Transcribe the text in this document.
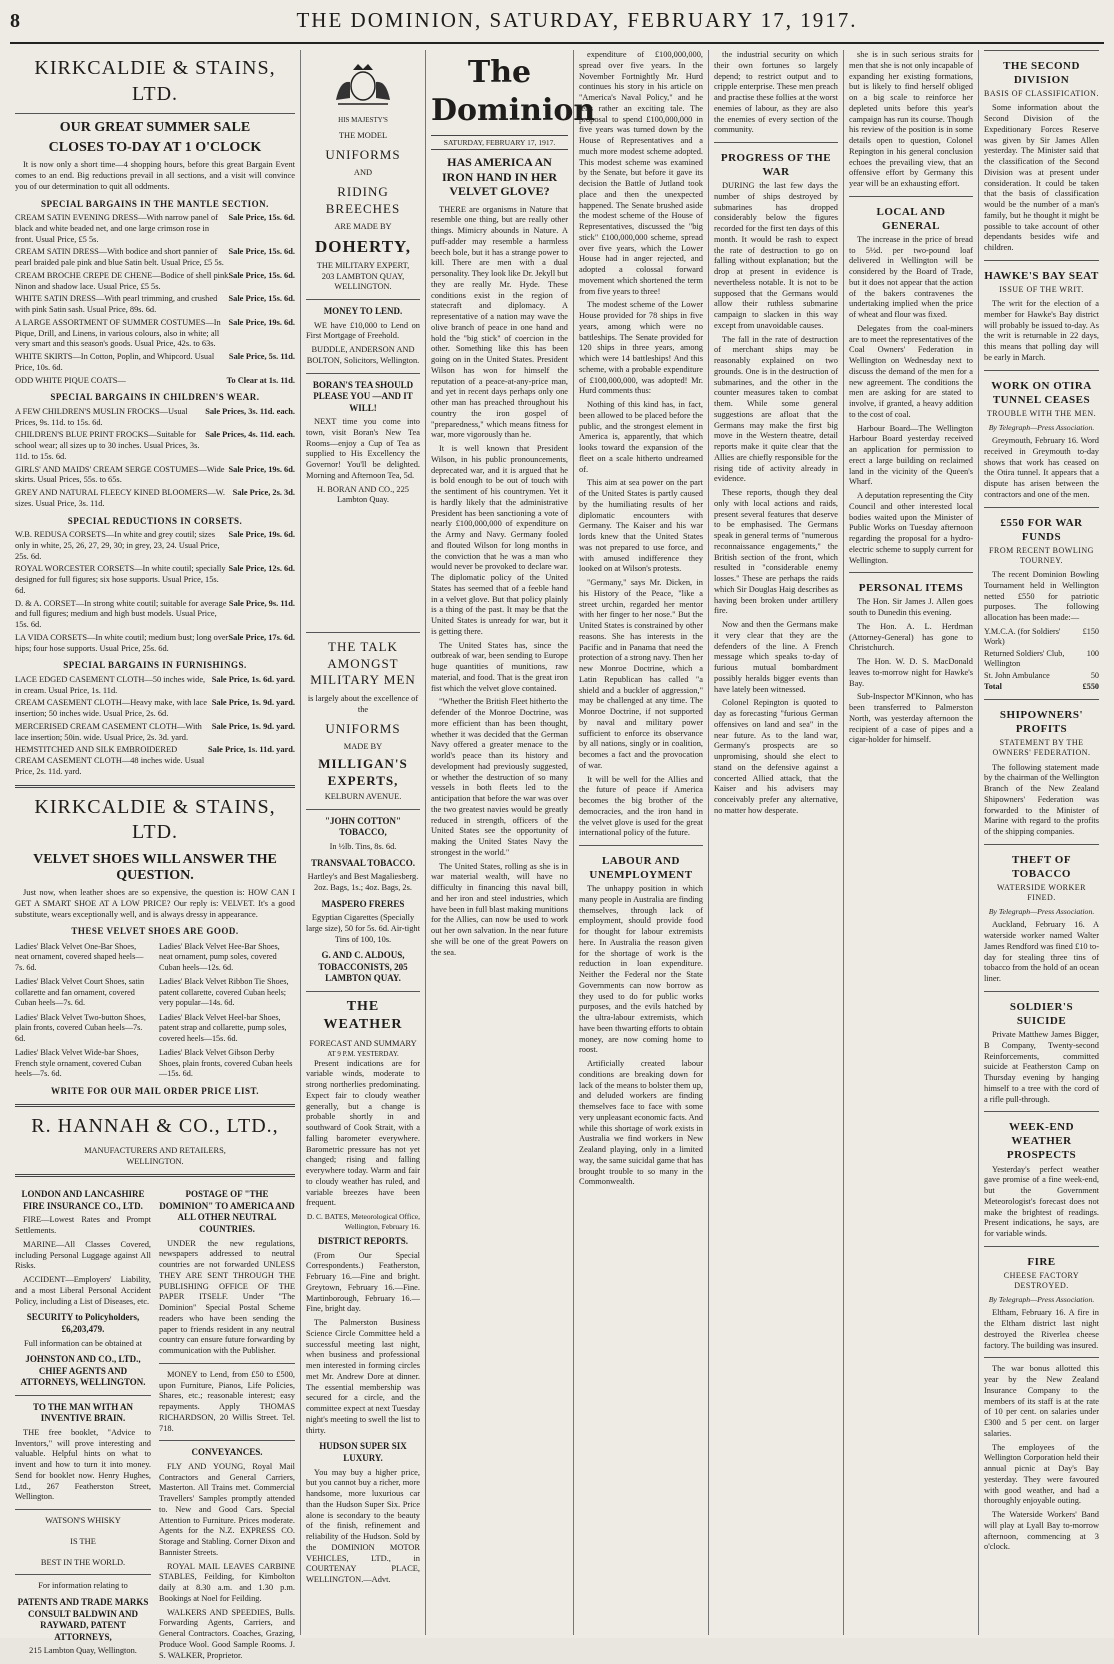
8	THE DOMINION, SATURDAY, FEBRUARY 17, 1917.
KIRKCALDIE & STAINS, LTD.
OUR GREAT SUMMER SALE
CLOSES TO-DAY AT 1 O'CLOCK

It is now only a short time—4 shopping hours, before this great Bargain Event comes to an end. Big reductions prevail in all sections, and a visit will convince you of our determination to quit all oddments.

SPECIAL BARGAINS IN THE MANTLE SECTION.
CREAM SATIN EVENING DRESS—With narrow panel of black and white beaded net, and one large crimson rose in front. Usual Price, £5 5s.
Sale Price, 15s. 6d.
CREAM SATIN DRESS—With bodice and short pannier of pearl braided pale pink and blue Satin belt. Usual Price, £5 5s.
Sale Price, 15s. 6d.
CREAM BROCHE CREPE DE CHENE—Bodice of shell pink Ninon and shadow lace. Usual Price, £5 5s.
Sale Price, 15s. 6d.
WHITE SATIN DRESS—With pearl trimming, and crushed with pink Satin sash. Usual Price, 89s. 6d.
Sale Price, 15s. 6d.
A LARGE ASSORTMENT OF SUMMER COSTUMES—In Pique, Drill, and Linens, in various colours, also in white; all very smart and this season's goods. Usual Price, 42s. to 63s.
Sale Price, 19s. 6d.
WHITE SKIRTS—In Cotton, Poplin, and Whipcord. Usual Price, 10s. 6d.
Sale Price, 5s. 11d.
ODD WHITE PIQUE COATS—	To Clear at 1s. 11d.
SPECIAL BARGAINS IN CHILDREN'S WEAR.
A FEW CHILDREN'S MUSLIN FROCKS—Usual Prices, 9s. 11d. to 15s. 6d.
Sale Prices, 3s. 11d. each.
CHILDREN'S BLUE PRINT FROCKS—Suitable for school wear; all sizes up to 30 inches. Usual Prices, 3s. 11d. to 15s. 6d.
Sale Prices, 4s. 11d. each.
GIRLS' AND MAIDS' CREAM SERGE COSTUMES—Wide skirts. Usual Prices, 55s. to 65s.
Sale Price, 19s. 6d.
GREY AND NATURAL FLEECY KINED BLOOMERS—W. sizes. Usual Price, 3s. 11d.
Sale Price, 2s. 3d.
SPECIAL REDUCTIONS IN CORSETS.
W.B. REDUSA CORSETS—In white and grey coutil; sizes only in white, 25, 26, 27, 29, 30; in grey, 23, 24. Usual Price, 25s. 6d.
Sale Price, 19s. 6d.
ROYAL WORCESTER CORSETS—In white coutil; specially designed for full figures; six hose supports. Usual Price, 15s. 6d.
Sale Price, 12s. 6d.
D. & A. CORSET—In strong white coutil; suitable for average and full figures; medium and high bust models. Usual Price, 15s. 6d.
Sale Price, 9s. 11d.
LA VIDA CORSETS—In white coutil; medium bust; long over hips; four hose supports. Usual Price, 25s. 6d.
Sale Price, 17s. 6d.
SPECIAL BARGAINS IN FURNISHINGS.
LACE EDGED CASEMENT CLOTH—50 inches wide, in cream. Usual Price, 1s. 11d.
Sale Price, 1s. 6d. yard.
CREAM CASEMENT CLOTH—Heavy make, with lace insertion; 50 inches wide. Usual Price, 2s. 6d.
Sale Price, 1s. 9d. yard.
MERCERISED CREAM CASEMENT CLOTH—With lace insertion; 50in. wide. Usual Price, 2s. 3d. yard.
Sale Price, 1s. 9d. yard.
HEMSTITCHED AND SILK EMBROIDERED CREAM CASEMENT CLOTH—48 inches wide. Usual Price, 2s. 11d. yard.
Sale Price, 1s. 11d. yard.
KIRKCALDIE & STAINS, LTD.
VELVET SHOES WILL ANSWER THE QUESTION.

Just now, when leather shoes are so expensive, the question is: HOW CAN I GET A SMART SHOE AT A LOW PRICE? Our reply is: VELVET. It's a good substitute, wears exceptionally well, and is always dressy in appearance.

THESE VELVET SHOES ARE GOOD.
Ladies' Black Velvet One-Bar Shoes, neat ornament, covered shaped heels—7s. 6d.
Ladies' Black Velvet Hee-Bar Shoes, neat ornament, pump soles, covered Cuban heels—12s. 6d.
Ladies' Black Velvet Court Shoes, satin collarette and fan ornament, covered Cuban heels—7s. 6d.
Ladies' Black Velvet Ribbon Tie Shoes, patent collarette, covered Cuban heels; very popular—14s. 6d.
Ladies' Black Velvet Two-button Shoes, plain fronts, covered Cuban heels—7s. 6d.
Ladies' Black Velvet Heel-bar Shoes, patent strap and collarette, pump soles, covered heels—15s. 6d.
Ladies' Black Velvet Wide-bar Shoes, French style ornament, covered Cuban heels—7s. 6d.
Ladies' Black Velvet Gibson Derby Shoes, plain fronts, covered Cuban heels—15s. 6d.
WRITE FOR OUR MAIL ORDER PRICE LIST.
R. HANNAH & CO., LTD.,
MANUFACTURERS AND RETAILERS,
WELLINGTON.
LONDON AND LANCASHIRE FIRE INSURANCE CO., LTD.

FIRE—Lowest Rates and Prompt Settlements.

MARINE—All Classes Covered, including Personal Luggage against All Risks.

ACCIDENT—Employers' Liability, and a most Liberal Personal Accident Policy, including a List of Diseases, etc.

SECURITY to Policyholders, £6,203,479.
Full information can be obtained at
JOHNSTON AND CO., LTD., CHIEF AGENTS AND ATTORNEYS, WELLINGTON.
TO THE MAN WITH AN INVENTIVE BRAIN.

THE free booklet, "Advice to Inventors," will prove interesting and valuable. Helpful hints on what to invent and how to turn it into money. Send for booklet now. Henry Hughes, Ltd., 267 Featherston Street, Wellington.

WATSON'S WHISKY
IS THE
BEST IN THE WORLD.
For information relating to
PATENTS AND TRADE MARKS CONSULT BALDWIN AND RAYWARD, PATENT ATTORNEYS,
215 Lambton Quay, Wellington.
POSTAGE OF "THE DOMINION" TO AMERICA AND ALL OTHER NEUTRAL COUNTRIES.

UNDER the new regulations, newspapers addressed to neutral countries are not forwarded UNLESS THEY ARE SENT THROUGH THE PUBLISHING OFFICE OF THE PAPER ITSELF. Under "The Dominion" Special Postal Scheme readers who have been sending the paper to friends resident in any neutral country can ensure future forwarding by communication with the Publisher.

MONEY to Lend, from £50 to £500, upon Furniture, Pianos, Life Policies, Shares, etc.; reasonable interest; easy repayments. Apply THOMAS RICHARDSON, 20 Willis Street. Tel. 718.

CONVEYANCES.

FLY AND YOUNG, Royal Mail Contractors and General Carriers, Masterton. All Trains met. Commercial Travellers' Samples promptly attended to. New and Good Cars. Special Attention to Furniture. Prices moderate. Agents for the N.Z. EXPRESS CO. Storage and Stabling. Corner Dixon and Bannister Streets.

ROYAL MAIL LEAVES CARBINE STABLES, Feilding, for Kimbolton daily at 8.30 a.m. and 1.30 p.m. Bookings at Noel for Feilding.

WALKERS AND SPEEDIES, Bulls. Forwarding Agents, Carriers, and General Contractors. Coaches, Grazing, Produce Wool. Good Sample Rooms. J. S. WALKER, Proprietor.

HIS MAJESTY'S
THE MODEL
UNIFORMS
AND
RIDING BREECHES
ARE MADE BY
DOHERTY,
THE MILITARY EXPERT,
203 LAMBTON QUAY, WELLINGTON.
MONEY TO LEND.

WE have £10,000 to Lend on First Mortgage of Freehold.

BUDDLE, ANDERSON AND BOLTON, Solicitors, Wellington.
BORAN'S TEA SHOULD PLEASE YOU —AND IT WILL!

NEXT time you come into town, visit Boran's New Tea Rooms—enjoy a Cup of Tea as supplied to His Excellency the Governor! You'll be delighted. Morning and Afternoon Tea, 5d.

H. BORAN AND CO., 225 Lambton Quay.
THE TALK AMONGST MILITARY MEN
is largely about the excellence of the
UNIFORMS
MADE BY
MILLIGAN'S EXPERTS,
KELBURN AVENUE.
"JOHN COTTON" TOBACCO,
In ½lb. Tins, 8s. 6d.
TRANSVAAL TOBACCO.
Hartley's and Best Magaliesberg. 2oz. Bags, 1s.; 4oz. Bags, 2s.
MASPERO FRERES
Egyptian Cigarettes (Specially large size), 50 for 5s. 6d. Air-tight Tins of 100, 10s.
G. AND C. ALDOUS, TOBACCONISTS, 205 LAMBTON QUAY.
THE WEATHER
FORECAST AND SUMMARY
AT 9 P.M. YESTERDAY.

Present indications are for variable winds, moderate to strong northerlies predominating. Expect fair to cloudy weather generally, but a change is probable shortly in and southward of Cook Strait, with a falling barometer everywhere. Barometric pressure has not yet changed; rising and falling everywhere today. Warm and fair to cloudy weather has ruled, and variable breezes have been frequent.

D. C. BATES, Meteorological Office, Wellington, February 16.
DISTRICT REPORTS.

(From Our Special Correspondents.) Featherston, February 16.—Fine and bright. Greytown, February 16.—Fine. Martinborough, February 16.—Fine, bright day.

The Palmerston Business Science Circle Committee held a successful meeting last night, when business and professional men interested in forming circles met Mr. Andrew Dore at dinner. The essential membership was secured for a circle, and the committee expect at next Tuesday night's meeting to swell the list to thirty.

HUDSON SUPER SIX LUXURY.

You may buy a higher price, but you cannot buy a richer, more handsome, more luxurious car than the Hudson Super Six. Price alone is secondary to the beauty of the finish, refinement and reliability of the Hudson. Sold by the DOMINION MOTOR VEHICLES, LTD., in COURTENAY PLACE, WELLINGTON.—Advt.

The Dominion
SATURDAY, FEBRUARY 17, 1917.
HAS AMERICA AN IRON HAND IN HER VELVET GLOVE?

THERE are organisms in Nature that resemble one thing, but are really other things. Mimicry abounds in Nature. A puff-adder may resemble a harmless beech bole, but it has a strange power to kill. There are men with a dual personality. They look like Dr. Jekyll but they are really Mr. Hyde. These conditions exist in the region of statecraft and diplomacy. A representative of a nation may wave the olive branch of peace in one hand and hold the "big stick" of coercion in the other. Something like this has been going on in the United States. President Wilson has won for himself the reputation of a peace-at-any-price man, and yet in recent days perhaps only one other man has preached throughout his country the iron gospel of "preparedness," which means fitness for war, more vigorously than he.

It is well known that President Wilson, in his public pronouncements, deprecated war, and it is argued that he is bold enough to be out of touch with the sentiment of his countrymen. Yet it is hardly likely that the administrative President has been sanctioning a vote of nearly £100,000,000 of expenditure on the Army and Navy. Germany fooled and flouted Wilson for long months in the conviction that he was a man who would never be provoked to declare war. The diplomatic policy of the United States has seemed that of a feeble hand in a velvet glove. But that policy plainly is a thing of the past. It may be that the United States is unready for war, but it is getting there.

The United States has, since the outbreak of war, been sending to Europe huge quantities of munitions, raw material, and food. That is the great iron fist which the velvet glove contained.

"Whether the British Fleet hitherto the defender of the Monroe Doctrine, was more efficient than has been thought, whether it was decided that the German Navy offered a greater menace to the world's peace than its history and development had previously suggested, or whether the destruction of so many vessels in both fleets led to the anticipation that before the war was over the two greatest navies would be greatly reduced in strength, officers of the United States see the opportunity of making the United States Navy the strongest in the world."

The United States, rolling as she is in war material wealth, will have no difficulty in financing this naval bill, and her iron and steel industries, which have been in full blast making munitions for the Allies, can now be used to work out her own salvation. In the near future she will be one of the great Powers on the sea.

expenditure of £100,000,000, spread over five years. In the November Fortnightly Mr. Hurd continues his story in his article on "America's Naval Policy," and he tells rather an exciting tale. The proposal to spend £100,000,000 in five years was turned down by the House of Representatives and a much more modest scheme adopted. This modest scheme was examined by the Senate, but before it gave its decision the Battle of Jutland took place and then the unexpected happened. The Senate brushed aside the modest scheme of the House of Representatives, discussed the "big stick" £100,000,000 scheme, spread over five years, which the Lower House had in anger rejected, and adopted a colossal forward movement which shortened the term from five years to three!

The modest scheme of the Lower House provided for 78 ships in five years, among which were no battleships. The Senate provided for 120 ships in three years, among which were 14 battleships! And this scheme, with a probable expenditure of £100,000,000, was adopted! Mr. Hurd comments thus:

Nothing of this kind has, in fact, been allowed to be placed before the public, and the strongest element in America is, apparently, that which looks toward the expansion of the fleet on a scale hitherto undreamed of.

This aim at sea power on the part of the United States is partly caused by the humiliating results of her diplomatic encounters with Germany. The Kaiser and his war lords knew that the United States was not prepared to use force, and with amused indifference they looked on at Wilson's protests.

"Germany," says Mr. Dicken, in his History of the Peace, "like a street urchin, regarded her mentor with her finger to her nose." But the United States is constrained by other reasons. She has interests in the Pacific and in Panama that need the protection of a strong navy. Then her new Monroe Doctrine, which a Latin Republican has called "a shield and a buckler of aggression," may be challenged at any time. The Monroe Doctrine, if not supported by naval and military power sufficient to enforce its observance by all nations, singly or in coalition, becomes a fact and the provocation of war.

It will be well for the Allies and the future of peace if America becomes the big brother of the democracies, and the iron hand in the velvet glove is used for the great international policy of the future.

LABOUR AND UNEMPLOYMENT

The unhappy position in which many people in Australia are finding themselves, through lack of employment, should provide food for thought for labour extremists here. In Australia the reason given for the shortage of work is the reduction in loan expenditure. Neither the Federal nor the State Governments can now borrow as they used to do for public works purposes, and the evils hatched by the ultra-labour extremists, which have been thwarting efforts to obtain money, are now coming home to roost.

Artificially created labour conditions are breaking down for lack of the means to bolster them up, and deluded workers are finding themselves face to face with some very unpleasant economic facts. And while this shortage of work exists in Australia we find workers in New Zealand playing, only in a limited way, the same suicidal game that has brought trouble to so many in the Commonwealth.

the industrial security on which their own fortunes so largely depend; to restrict output and to cripple enterprise. These men preach and practise these follies at the worst enemies of labour, as they are also the enemies of every section of the community.

PROGRESS OF THE WAR

DURING the last few days the number of ships destroyed by submarines has dropped considerably below the figures recorded for the first ten days of this month. It would be rash to expect the rate of destruction to go on falling without explanation; but the drop at present in evidence is nevertheless notable. It is not to be supposed that the Germans would allow their ruthless submarine campaign to slacken in this way except from unavoidable causes.

The fall in the rate of destruction of merchant ships may be reasonably explained on two grounds. One is in the destruction of submarines, and the other in the counter measures taken to combat them. While some general suggestions are afloat that the Germans may make the first big move in the Western theatre, detail reports make it quite clear that the Allies are chiefly responsible for the rising tide of activity already in evidence.

These reports, though they deal only with local actions and raids, present several features that deserve to be emphasised. The Germans speak in general terms of "numerous reconnaissance engagements," the British section of the front, which resulted in "considerable enemy losses." These are perhaps the raids which Sir Douglas Haig describes as having been broken under artillery fire.

Now and then the Germans make it very clear that they are the defenders of the line. A French message which speaks to-day of furious mutual bombardment possibly heralds bigger events than have lately been witnessed.

Colonel Repington is quoted to day as forecasting "furious German offensives on land and sea" in the near future. As to the land war, Germany's prospects are so unpromising, should she elect to stand on the defensive against a concerted Allied attack, that the Kaiser and his advisers may conceivably prefer any alternative, no matter how desperate.

she is in such serious straits for men that she is not only incapable of expanding her existing formations, but is likely to find herself obliged on a big scale to reinforce her depleted units before this year's campaign has run its course. Though his review of the position is in some details open to question, Colonel Repington in his general conclusion echoes the prevailing view, that an offensive effort by Germany this year will be an exhausting effort.

LOCAL AND GENERAL

The increase in the price of bread to 5½d. per two-pound loaf delivered in Wellington will be considered by the Board of Trade, but it does not appear that the action of the bakers contravenes the undertaking implied when the price of wheat and flour was fixed.

Delegates from the coal-miners are to meet the representatives of the Coal Owners' Federation in Wellington on Wednesday next to discuss the demand of the men for a new agreement. The conditions the men are asking for are stated to involve, if granted, a heavy addition to the cost of coal.

Harbour Board—The Wellington Harbour Board yesterday received an application for permission to erect a large building on reclaimed land in the vicinity of the Queen's Wharf.

A deputation representing the City Council and other interested local bodies waited upon the Minister of Public Works on Tuesday afternoon regarding the proposal for a hydro-electric scheme to supply current for Wellington.

PERSONAL ITEMS

The Hon. Sir James J. Allen goes south to Dunedin this evening.

The Hon. A. L. Herdman (Attorney-General) has gone to Christchurch.

The Hon. W. D. S. MacDonald leaves to-morrow night for Hawke's Bay.

Sub-Inspector M'Kinnon, who has been transferred to Palmerston North, was yesterday afternoon the recipient of a case of pipes and a cigar-holder for himself.

THE SECOND DIVISION
BASIS OF CLASSIFICATION.

Some information about the Second Division of the Expeditionary Forces Reserve was given by Sir James Allen yesterday. The Minister said that the classification of the Second Division was at present under consideration. It could be taken that the basis of classification would be the number of a man's family, but he thought it might be possible to take account of other dependants besides wife and children.

HAWKE'S BAY SEAT
ISSUE OF THE WRIT.

The writ for the election of a member for Hawke's Bay district will probably be issued to-day. As the writ is returnable in 22 days, this means that polling day will be early in March.

WORK ON OTIRA TUNNEL CEASES
TROUBLE WITH THE MEN.
By Telegraph—Press Association.

Greymouth, February 16. Word received in Greymouth to-day shows that work has ceased on the Otira tunnel. It appears that a dispute has arisen between the contractors and one of the men.

£550 FOR WAR FUNDS
FROM RECENT BOWLING TOURNEY.

The recent Dominion Bowling Tournament held in Wellington netted £550 for patriotic purposes. The following allocation has been made:—

Y.M.C.A. (for Soldiers' Work)
£150
Returned Soldiers' Club, Wellington
100
St. John Ambulance	50
Total	£550
SHIPOWNERS' PROFITS
STATEMENT BY THE OWNERS' FEDERATION.

The following statement made by the chairman of the Wellington Branch of the New Zealand Shipowners' Federation was forwarded to the Minister of Marine with regard to the profits of the shipping companies.

THEFT OF TOBACCO
WATERSIDE WORKER FINED.
By Telegraph—Press Association.

Auckland, February 16. A waterside worker named Walter James Rendford was fined £10 to-day for stealing three tins of tobacco from the hold of an ocean liner.

SOLDIER'S SUICIDE

Private Matthew James Bigger, B Company, Twenty-second Reinforcements, committed suicide at Featherston Camp on Thursday evening by hanging himself to a tree with the cord of a rifle pull-through.

WEEK-END WEATHER PROSPECTS

Yesterday's perfect weather gave promise of a fine week-end, but the Government Meteorologist's forecast does not make the brightest of readings. Present indications, he says, are for variable winds.

FIRE
CHEESE FACTORY DESTROYED.
By Telegraph—Press Association.

Eltham, February 16. A fire in the Eltham district last night destroyed the Riverlea cheese factory. The building was insured.

The war bonus allotted this year by the New Zealand Insurance Company to the members of its staff is at the rate of 10 per cent. on salaries under £300 and 5 per cent. on larger salaries.

The employees of the Wellington Corporation held their annual picnic at Day's Bay yesterday. They were favoured with good weather, and had a thoroughly enjoyable outing.

The Waterside Workers' Band will play at Lyall Bay to-morrow afternoon, commencing at 3 o'clock.
